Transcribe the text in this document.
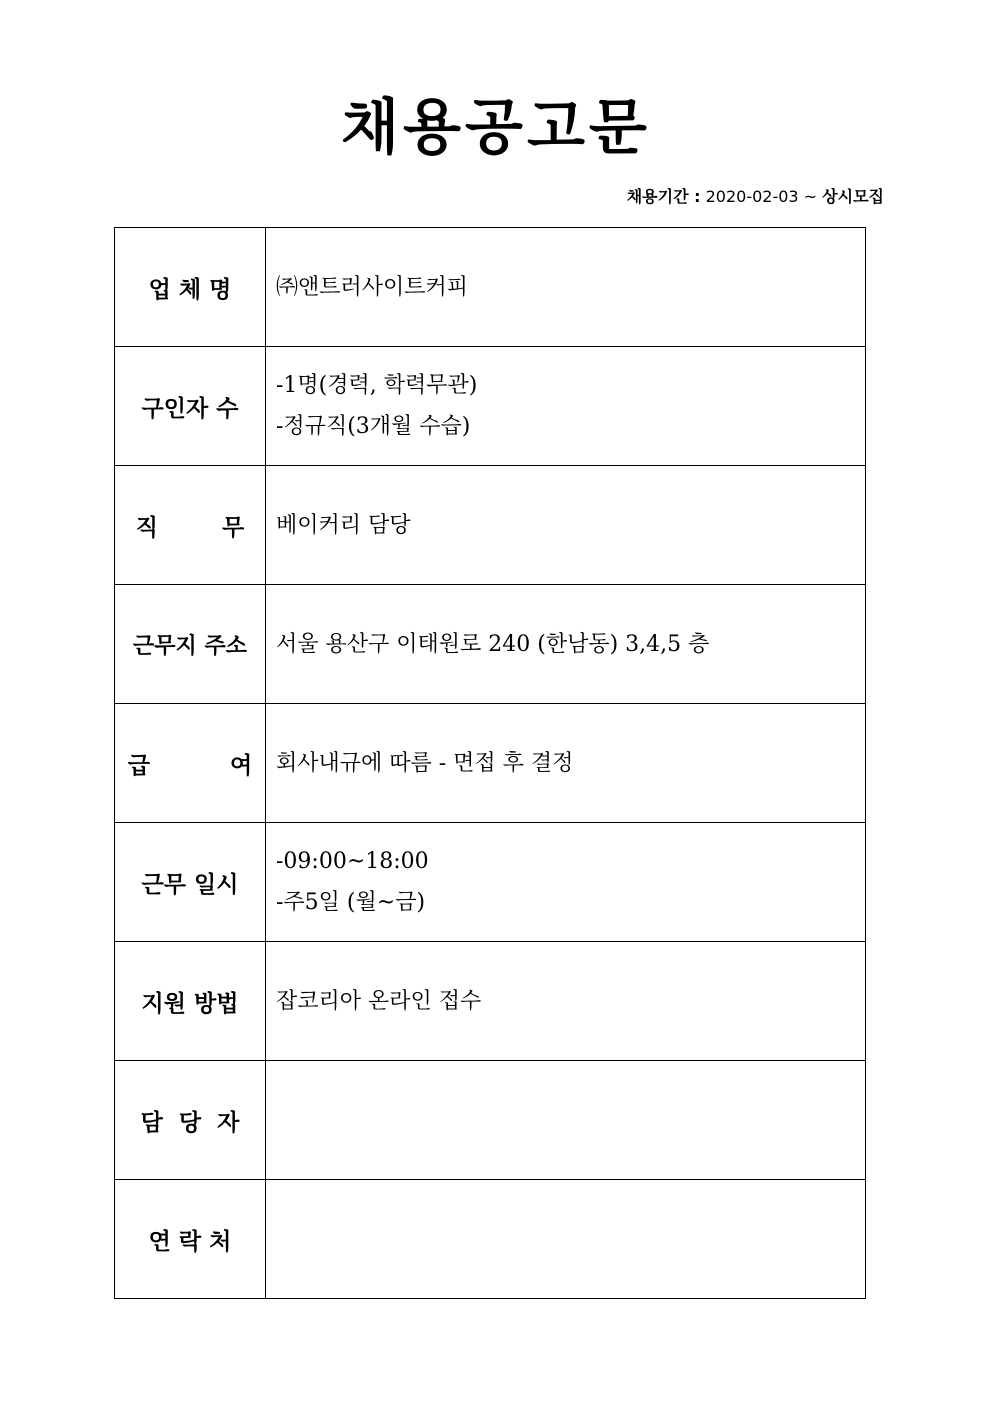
채용공고문
채용기간 : 2020-02-03 ~ 상시모집
업 체 명	㈜앤트러사이트커피

구인자 수	-1명(경력, 학력무관)
-정규직(3개월 수습)

직        무	베이커리 담당

근무지 주소	서울 용산구 이태원로 240 (한남동) 3,4,5 층

급          여	회사내규에 따름 - 면접 후 결정

근무 일시	-09:00~18:00
-주5일 (월~금)

지원 방법	잡코리아 온라인 접수

담  당  자	

연 락 처	
